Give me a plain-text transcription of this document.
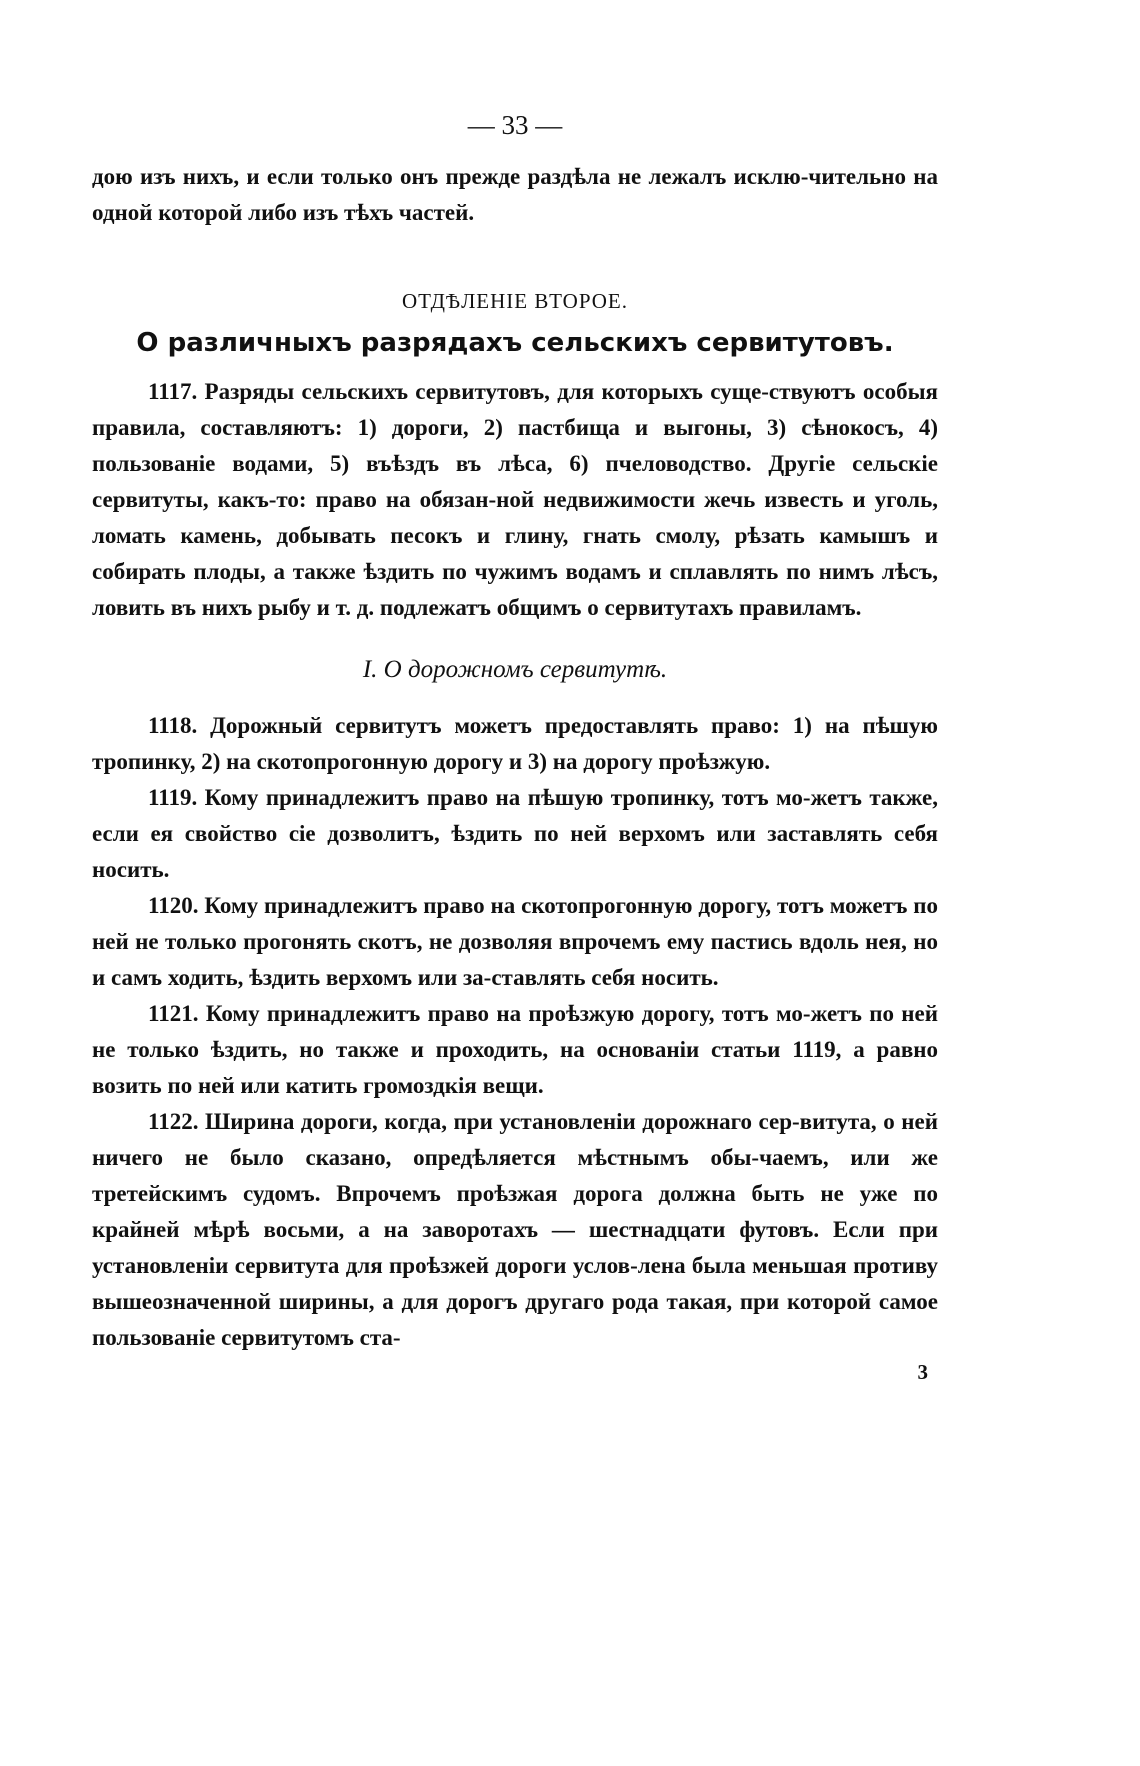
— 33 —

дою изъ нихъ, и если только онъ прежде раздѣла не лежалъ исклю-чительно на одной которой либо изъ тѣхъ частей.

ОТДѢЛЕНІЕ ВТОРОЕ.
О различныхъ разрядахъ сельскихъ сервитутовъ.

1117. Разряды сельскихъ сервитутовъ, для которыхъ суще-ствуютъ особыя правила, составляютъ: 1) дороги, 2) пастбища и выгоны, 3) сѣнокосъ, 4) пользованіе водами, 5) въѣздъ въ лѣса, 6) пчеловодство. Другіе сельскіе сервитуты, какъ-то: право на обязан-ной недвижимости жечь известь и уголь, ломать камень, добывать песокъ и глину, гнать смолу, рѣзать камышъ и собирать плоды, а также ѣздить по чужимъ водамъ и сплавлять по нимъ лѣсъ, ловить въ нихъ рыбу и т. д. подлежатъ общимъ о сервитутахъ правиламъ.

I. О дорожномъ сервитутѣ.

1118. Дорожный сервитутъ можетъ предоставлять право: 1) на пѣшую тропинку, 2) на скотопрогонную дорогу и 3) на дорогу проѣзжую.

1119. Кому принадлежитъ право на пѣшую тропинку, тотъ мо-жетъ также, если ея свойство сіе дозволитъ, ѣздить по ней верхомъ или заставлять себя носить.

1120. Кому принадлежитъ право на скотопрогонную дорогу, тотъ можетъ по ней не только прогонять скотъ, не дозволяя впрочемъ ему пастись вдоль нея, но и самъ ходить, ѣздить верхомъ или за-ставлять себя носить.

1121. Кому принадлежитъ право на проѣзжую дорогу, тотъ мо-жетъ по ней не только ѣздить, но также и проходить, на основаніи статьи 1119, а равно возить по ней или катить громоздкія вещи.

1122. Ширина дороги, когда, при установленіи дорожнаго сер-витута, о ней ничего не было сказано, опредѣляется мѣстнымъ обы-чаемъ, или же третейскимъ судомъ. Впрочемъ проѣзжая дорога должна быть не уже по крайней мѣрѣ восьми, а на заворотахъ — шестнадцати футовъ. Если при установленіи сервитута для проѣзжей дороги услов-лена была меньшая противу вышеозначенной ширины, а для дорогъ другаго рода такая, при которой самое пользованіе сервитутомъ ста-

3
